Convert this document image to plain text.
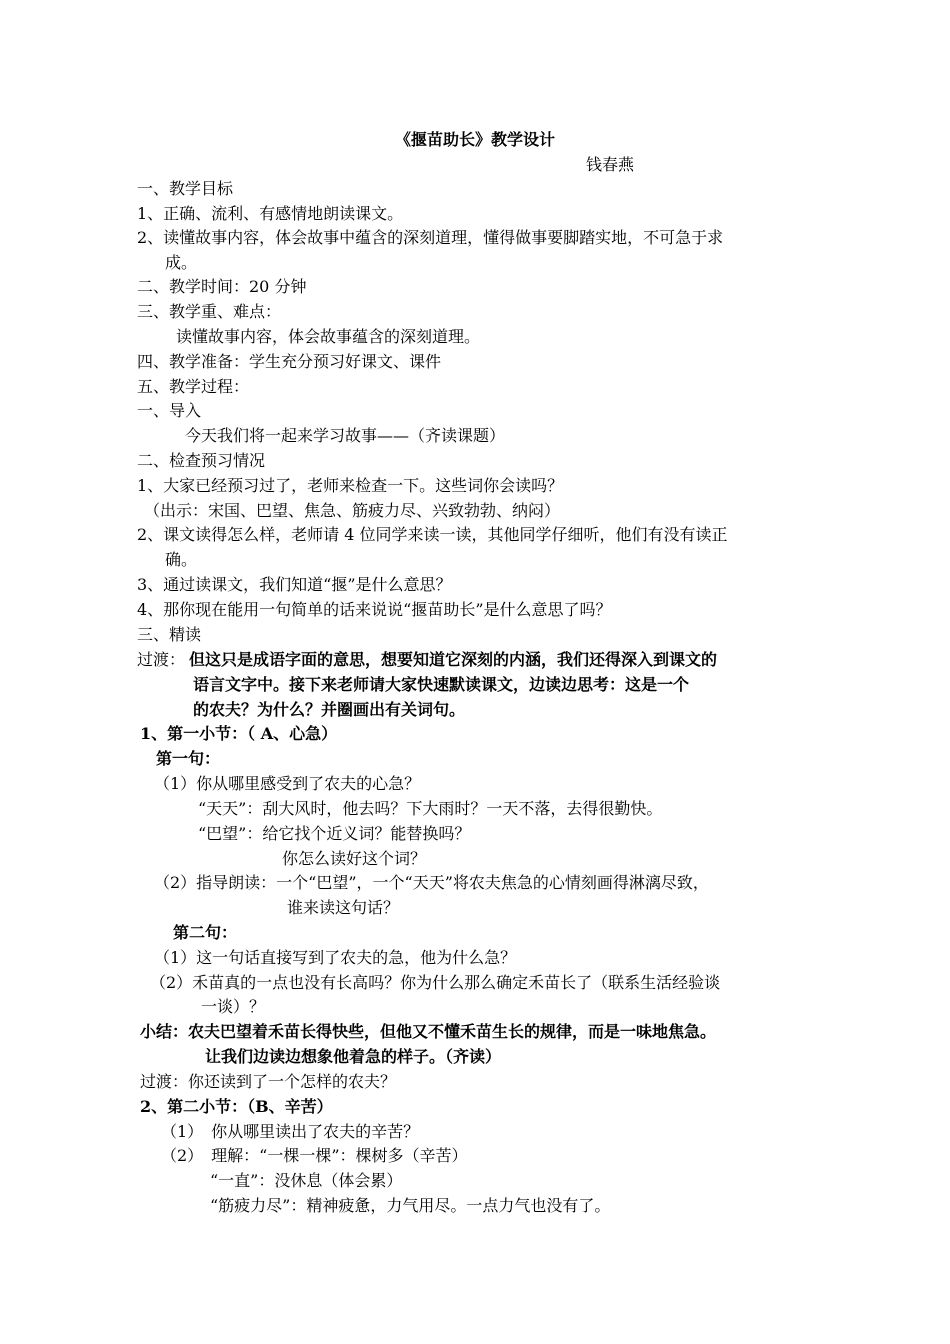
《揠苗助长》教学设计
钱春燕
一、教学目标
1、正确、流利、有感情地朗读课文。
2、读懂故事内容，体会故事中蕴含的深刻道理，懂得做事要脚踏实地，不可急于求
成。
二、教学时间：20 分钟
三、教学重、难点：
读懂故事内容，体会故事蕴含的深刻道理。
四、教学准备：学生充分预习好课文、课件
五、教学过程：
一、导入
今天我们将一起来学习故事——（齐读课题）
二、检查预习情况
1、大家已经预习过了，老师来检查一下。这些词你会读吗？
（出示：宋国、巴望、焦急、筋疲力尽、兴致勃勃、纳闷）
2、课文读得怎么样，老师请 4 位同学来读一读，其他同学仔细听，他们有没有读正
确。
3、通过读课文，我们知道“揠”是什么意思？
4、那你现在能用一句简单的话来说说“揠苗助长”是什么意思了吗？
三、精读
过渡： 但这只是成语字面的意思，想要知道它深刻的内涵，我们还得深入到课文的
语言文字中。接下来老师请大家快速默读课文，边读边思考：这是一个
的农夫？为什么？并圈画出有关词句。
1、第一小节：（ A、心急）
第一句：
（1）你从哪里感受到了农夫的心急？
“天天”：刮大风时，他去吗？下大雨时？一天不落，去得很勤快。
“巴望”：给它找个近义词？能替换吗？
你怎么读好这个词？
（2）指导朗读：一个“巴望”，一个“天天”将农夫焦急的心情刻画得淋漓尽致，
谁来读这句话？
第二句：
（1）这一句话直接写到了农夫的急，他为什么急？
（2）禾苗真的一点也没有长高吗？你为什么那么确定禾苗长了（联系生活经验谈
一谈）？
小结：农夫巴望着禾苗长得快些，但他又不懂禾苗生长的规律，而是一味地焦急。
让我们边读边想象他着急的样子。（齐读）
过渡：你还读到了一个怎样的农夫？
2、第二小节：（B、辛苦）
（1）　你从哪里读出了农夫的辛苦？
（2）　理解：“一棵一棵”：棵树多（辛苦）
“一直”：没休息（体会累）
“筋疲力尽”：精神疲惫，力气用尽。一点力气也没有了。
